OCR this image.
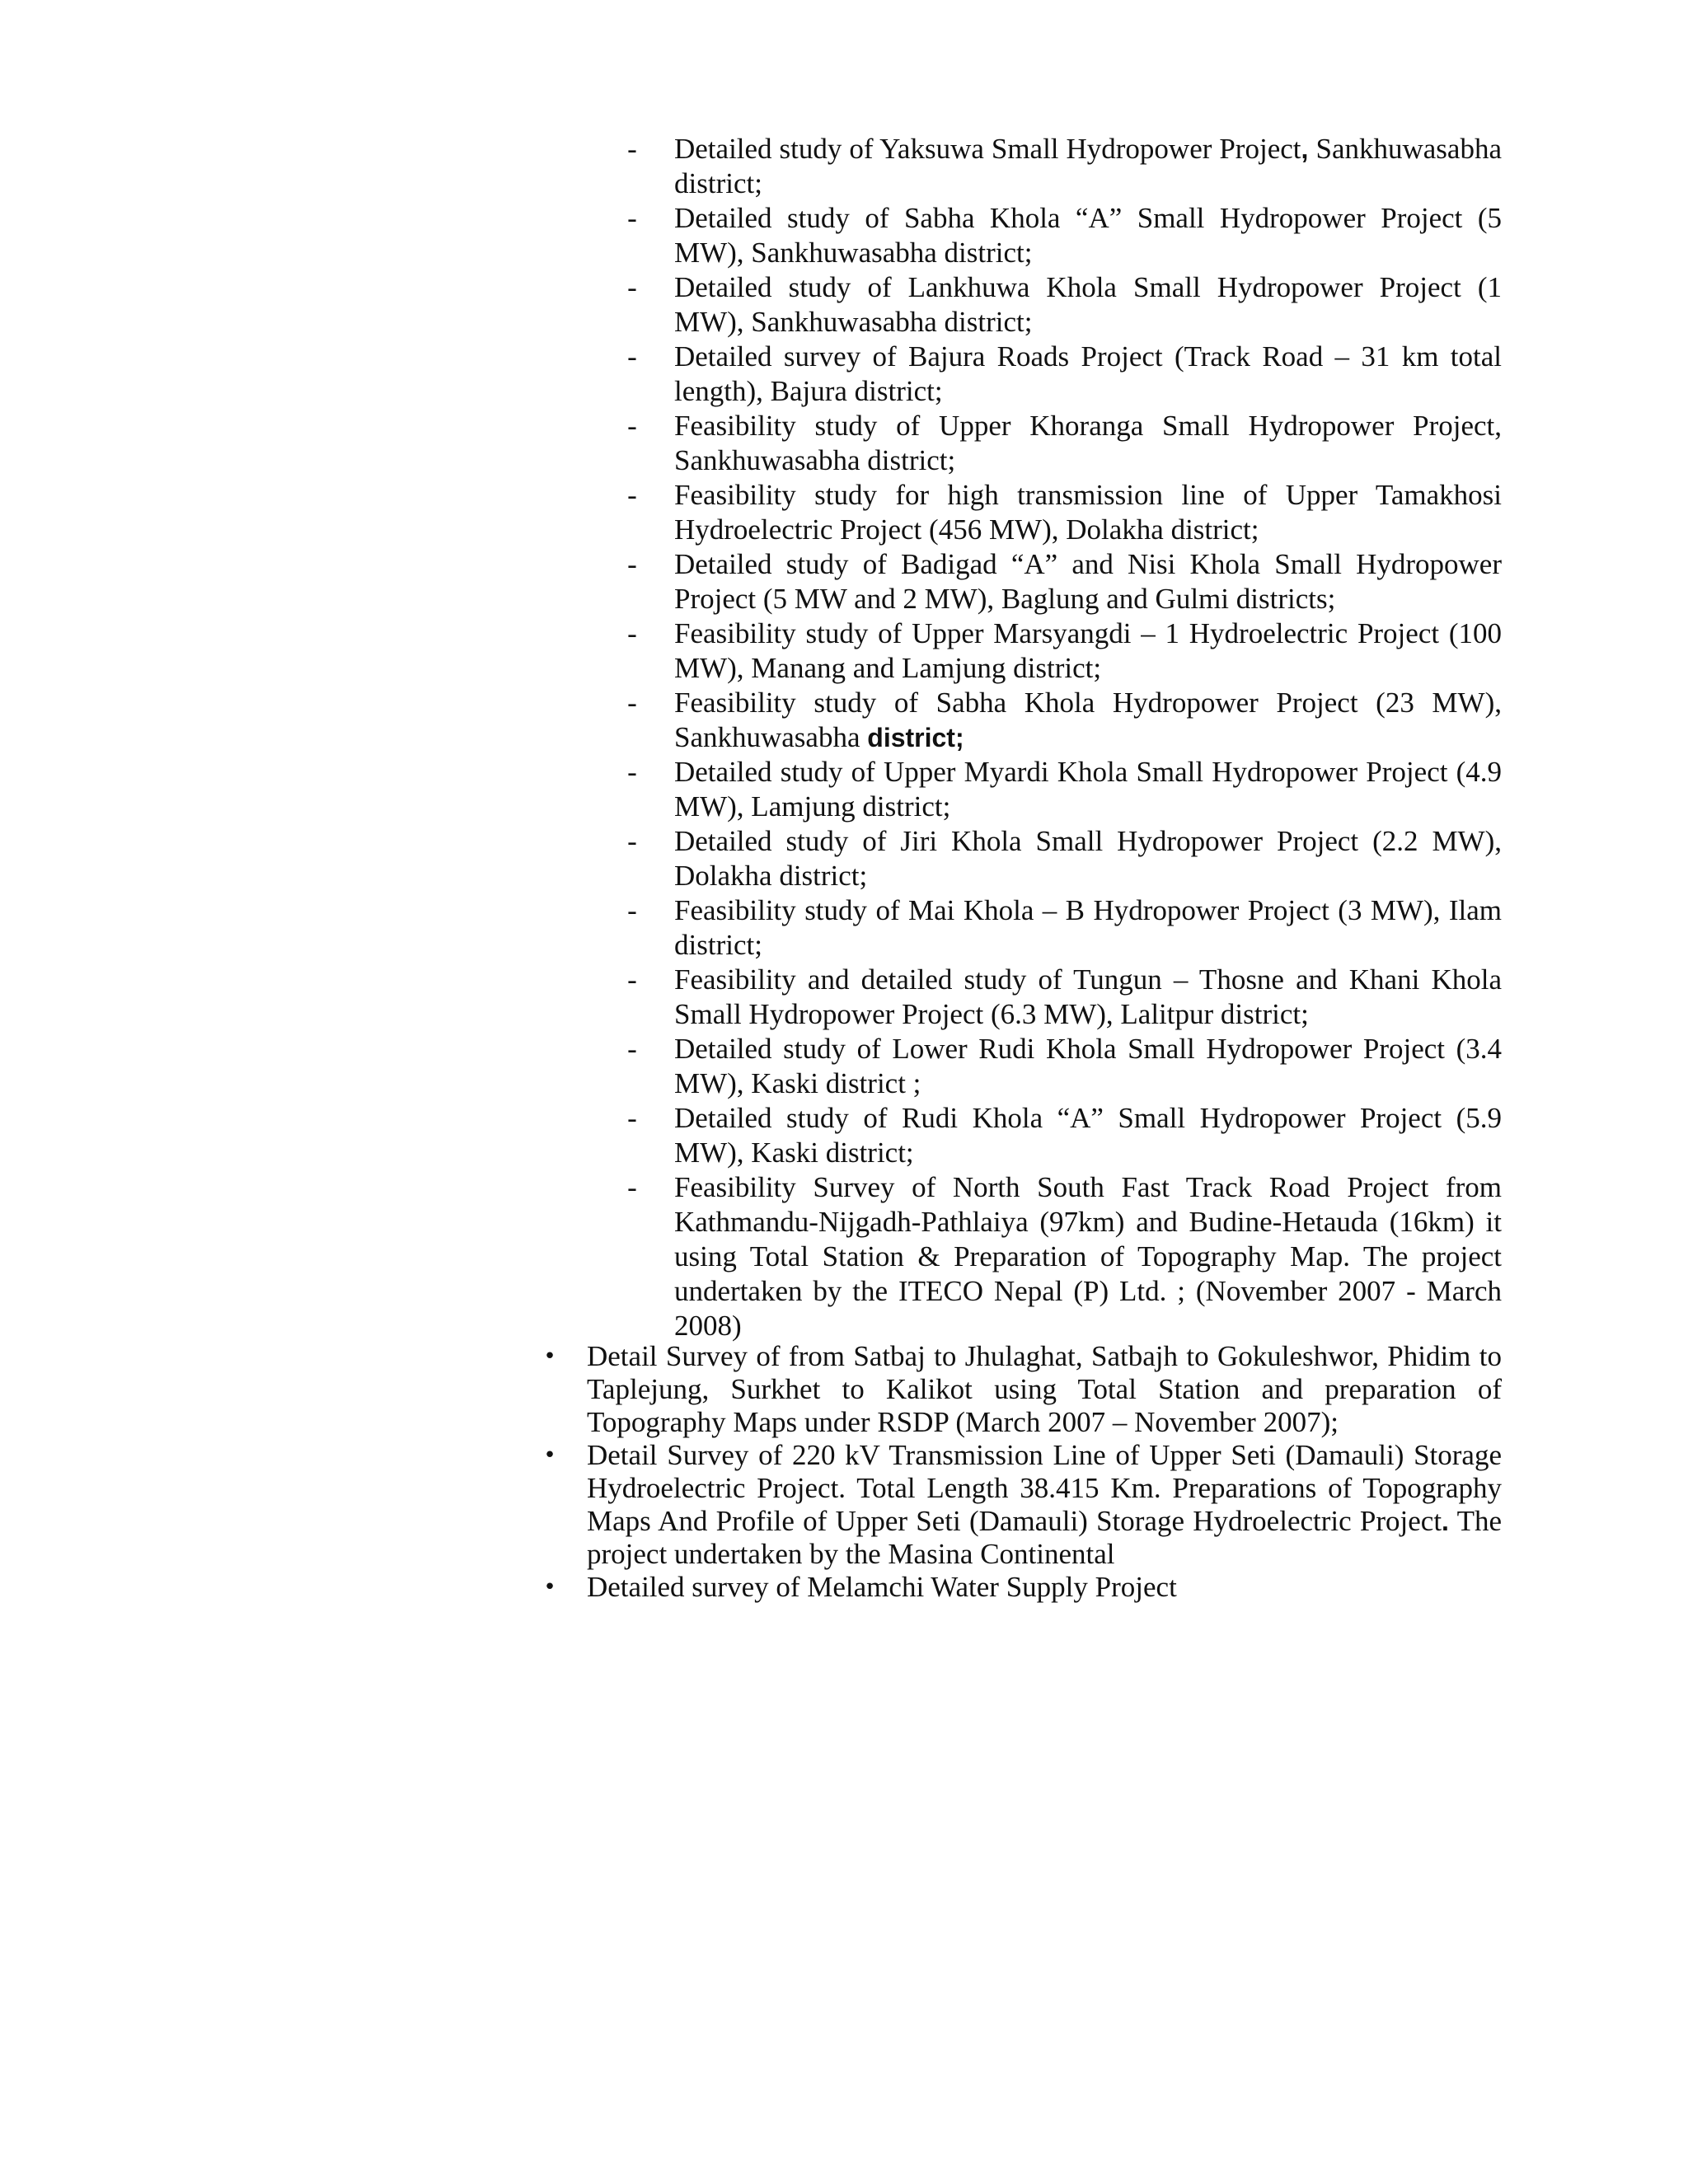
- Detailed study of Yaksuwa Small Hydropower Project, Sankhuwasabha district;
- Detailed study of Sabha Khola “A” Small Hydropower Project (5 MW), Sankhuwasabha district;
- Detailed study of Lankhuwa Khola Small Hydropower Project (1 MW), Sankhuwasabha district;
- Detailed survey of Bajura Roads Project (Track Road – 31 km total length), Bajura district;
- Feasibility study of Upper Khoranga Small Hydropower Project, Sankhuwasabha district;
- Feasibility study for high transmission line of Upper Tamakhosi Hydroelectric Project (456 MW), Dolakha district;
- Detailed study of Badigad “A” and Nisi Khola Small Hydropower Project (5 MW and 2 MW), Baglung and Gulmi districts;
- Feasibility study of Upper Marsyangdi – 1 Hydroelectric Project (100 MW), Manang and Lamjung district;
- Feasibility study of Sabha Khola Hydropower Project (23 MW), Sankhuwasabha district;
- Detailed study of Upper Myardi Khola Small Hydropower Project (4.9 MW), Lamjung district;
- Detailed study of Jiri Khola Small Hydropower Project (2.2 MW), Dolakha district;
- Feasibility study of Mai Khola – B Hydropower Project (3 MW), Ilam district;
- Feasibility and detailed study of Tungun – Thosne and Khani Khola Small Hydropower Project (6.3 MW), Lalitpur district;
- Detailed study of Lower Rudi Khola Small Hydropower Project (3.4 MW), Kaski district ;
- Detailed study of Rudi Khola “A” Small Hydropower Project (5.9 MW), Kaski district;
- Feasibility Survey of North South Fast Track Road Project from Kathmandu-Nijgadh-Pathlaiya (97km) and Budine-Hetauda (16km) it using Total Station & Preparation of Topography Map. The project undertaken by the ITECO Nepal (P) Ltd. ; (November 2007 - March 2008)
• Detail Survey of from Satbaj to Jhulaghat, Satbajh to Gokuleshwor, Phidim to Taplejung, Surkhet to Kalikot using Total Station and preparation of Topography Maps under RSDP (March 2007 – November 2007);
• Detail Survey of 220 kV Transmission Line of Upper Seti (Damauli) Storage Hydroelectric Project. Total Length 38.415 Km. Preparations of Topography Maps And Profile of Upper Seti (Damauli) Storage Hydroelectric Project. The project undertaken by the Masina Continental
• Detailed survey of Melamchi Water Supply Project
